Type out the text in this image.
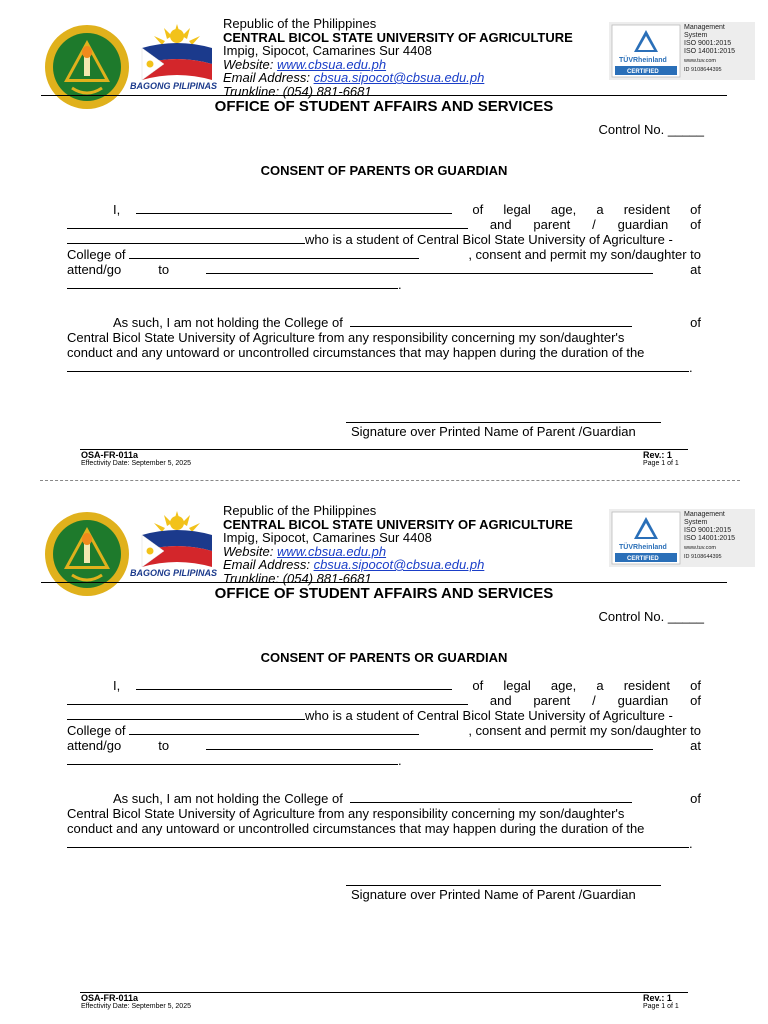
BAGONG PILIPINAS
Republic of the Philippines
CENTRAL BICOL STATE UNIVERSITY OF AGRICULTURE
Impig, Sipocot, Camarines Sur 4408
Website: www.cbsua.edu.ph
Email Address: cbsua.sipocot@cbsua.edu.ph
Trunkline: (054) 881-6681
TÜVRheinland
CERTIFIED
Management
System
ISO 9001:2015
ISO 14001:2015
www.tuv.com
ID 9108644395
OFFICE OF STUDENT AFFAIRS AND SERVICES
Control No. _____
CONSENT OF PARENTS OR GUARDIAN
I,	of legal age, a resident of
and parent / guardian of
who is a student of Central Bicol State University of Agriculture -
College of	, consent and permit my son/daughter to
attend/go	to	at
.
As such, I am not holding the College of	of
Central Bicol State University of Agriculture from any responsibility concerning my son/daughter's
conduct and any untoward or uncontrolled circumstances that may happen during the duration of the
.
Signature over Printed Name of Parent /Guardian
OSA-FR-011a
Effectivity Date: September 5, 2025
Rev.: 1
Page 1 of 1
BAGONG PILIPINAS
Republic of the Philippines
CENTRAL BICOL STATE UNIVERSITY OF AGRICULTURE
Impig, Sipocot, Camarines Sur 4408
Website: www.cbsua.edu.ph
Email Address: cbsua.sipocot@cbsua.edu.ph
Trunkline: (054) 881-6681
TÜVRheinland
CERTIFIED
Management
System
ISO 9001:2015
ISO 14001:2015
www.tuv.com
ID 9108644395
OFFICE OF STUDENT AFFAIRS AND SERVICES
Control No. _____
CONSENT OF PARENTS OR GUARDIAN
I,	of legal age, a resident of
and parent / guardian of
who is a student of Central Bicol State University of Agriculture -
College of	, consent and permit my son/daughter to
attend/go	to	at
.
As such, I am not holding the College of	of
Central Bicol State University of Agriculture from any responsibility concerning my son/daughter's
conduct and any untoward or uncontrolled circumstances that may happen during the duration of the
.
Signature over Printed Name of Parent /Guardian
OSA-FR-011a
Effectivity Date: September 5, 2025
Rev.: 1
Page 1 of 1
